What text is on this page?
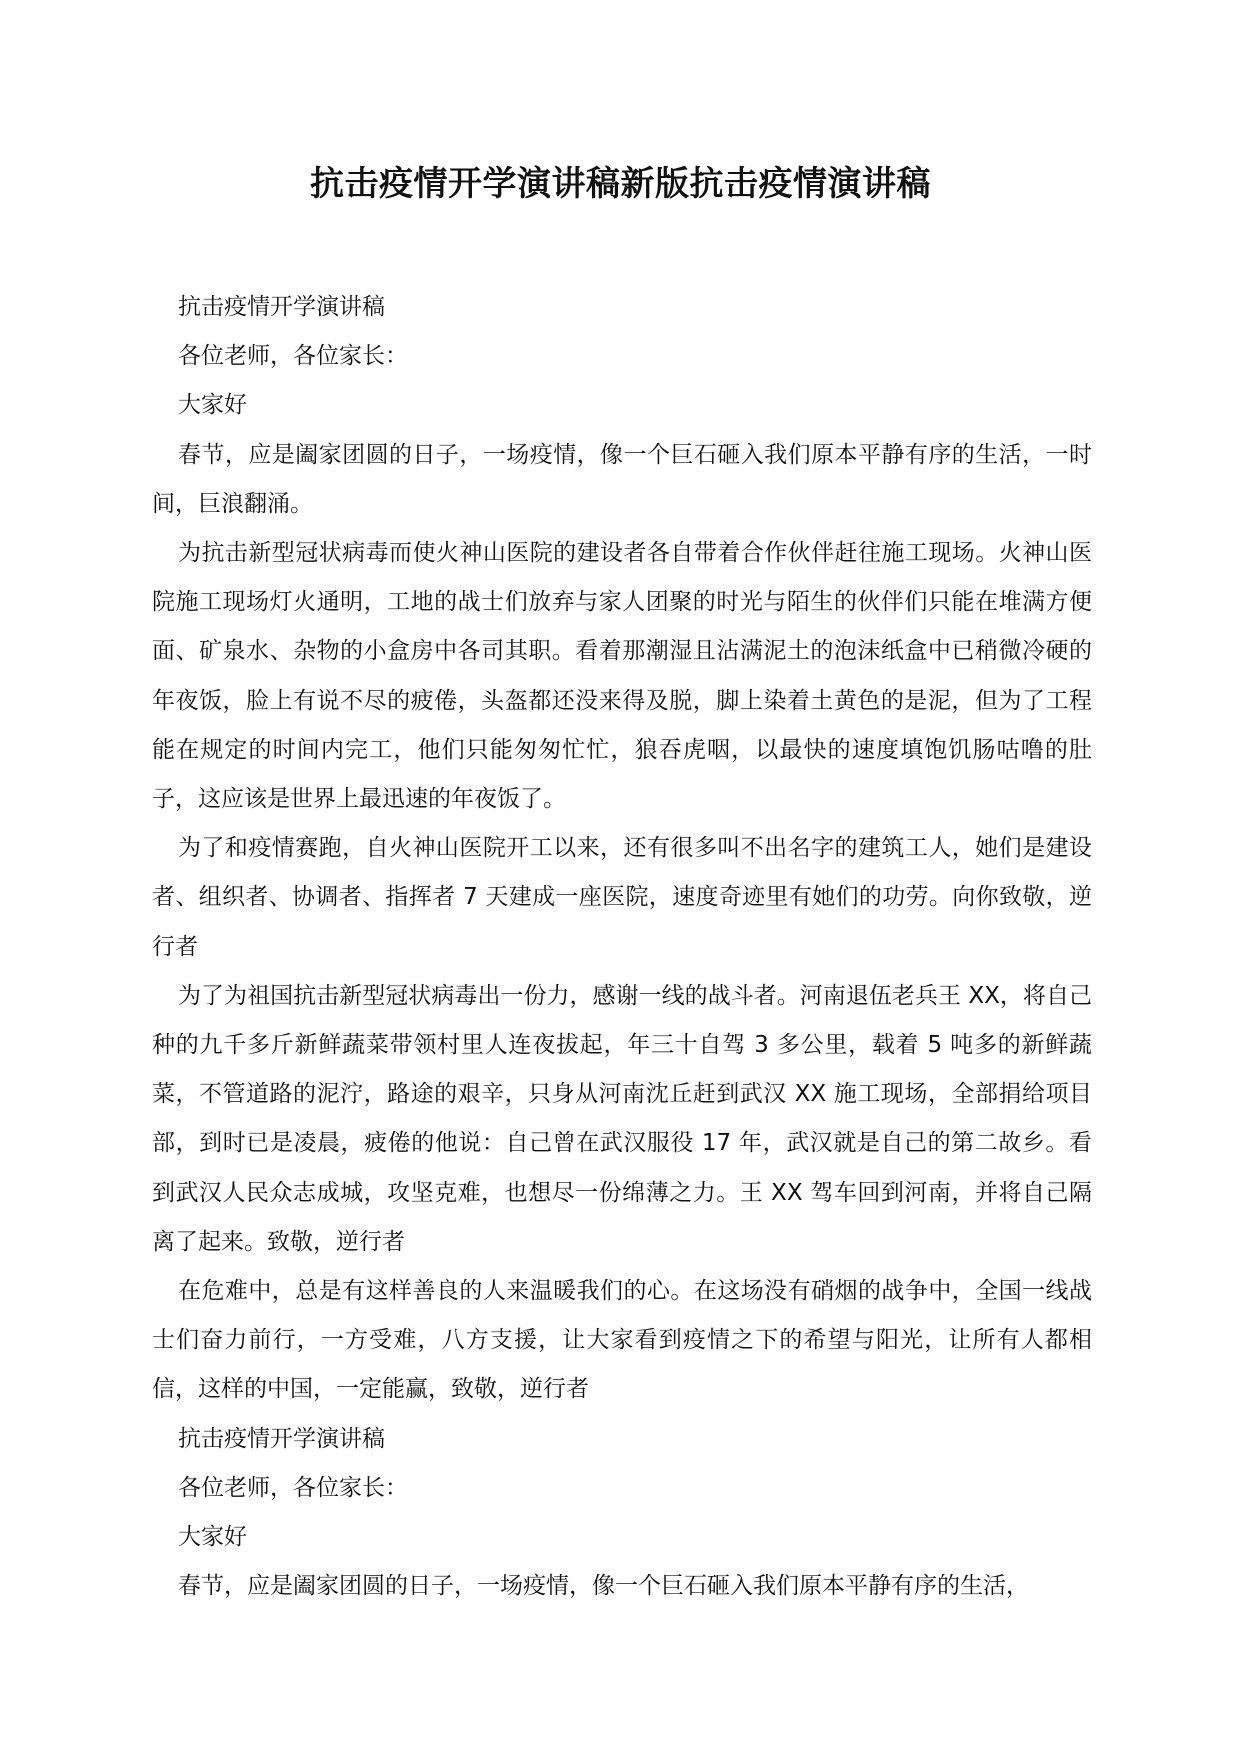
抗击疫情开学演讲稿新版抗击疫情演讲稿

抗击疫情开学演讲稿

各位老师，各位家长：

大家好

春节，应是阖家团圆的日子，一场疫情，像一个巨石砸入我们原本平静有序的生活，一时间，巨浪翻涌。

为抗击新型冠状病毒而使火神山医院的建设者各自带着合作伙伴赶往施工现场。火神山医院施工现场灯火通明，工地的战士们放弃与家人团聚的时光与陌生的伙伴们只能在堆满方便面、矿泉水、杂物的小盒房中各司其职。看着那潮湿且沾满泥土的泡沫纸盒中已稍微冷硬的年夜饭，脸上有说不尽的疲倦，头盔都还没来得及脱，脚上染着土黄色的是泥，但为了工程能在规定的时间内完工，他们只能匆匆忙忙，狼吞虎咽，以最快的速度填饱饥肠咕噜的肚子，这应该是世界上最迅速的年夜饭了。

为了和疫情赛跑，自火神山医院开工以来，还有很多叫不出名字的建筑工人，她们是建设者、组织者、协调者、指挥者 7 天建成一座医院，速度奇迹里有她们的功劳。向你致敬，逆行者

为了为祖国抗击新型冠状病毒出一份力，感谢一线的战斗者。河南退伍老兵王 XX，将自己种的九千多斤新鲜蔬菜带领村里人连夜拔起，年三十自驾 3 多公里，载着 5 吨多的新鲜蔬菜，不管道路的泥泞，路途的艰辛，只身从河南沈丘赶到武汉 XX 施工现场，全部捐给项目部，到时已是凌晨，疲倦的他说：自己曾在武汉服役 17 年，武汉就是自己的第二故乡。看到武汉人民众志成城，攻坚克难，也想尽一份绵薄之力。王 XX 驾车回到河南，并将自己隔离了起来。致敬，逆行者

在危难中，总是有这样善良的人来温暖我们的心。在这场没有硝烟的战争中，全国一线战士们奋力前行，一方受难，八方支援，让大家看到疫情之下的希望与阳光，让所有人都相信，这样的中国，一定能赢，致敬，逆行者

抗击疫情开学演讲稿

各位老师，各位家长：

大家好

春节，应是阖家团圆的日子，一场疫情，像一个巨石砸入我们原本平静有序的生活，
